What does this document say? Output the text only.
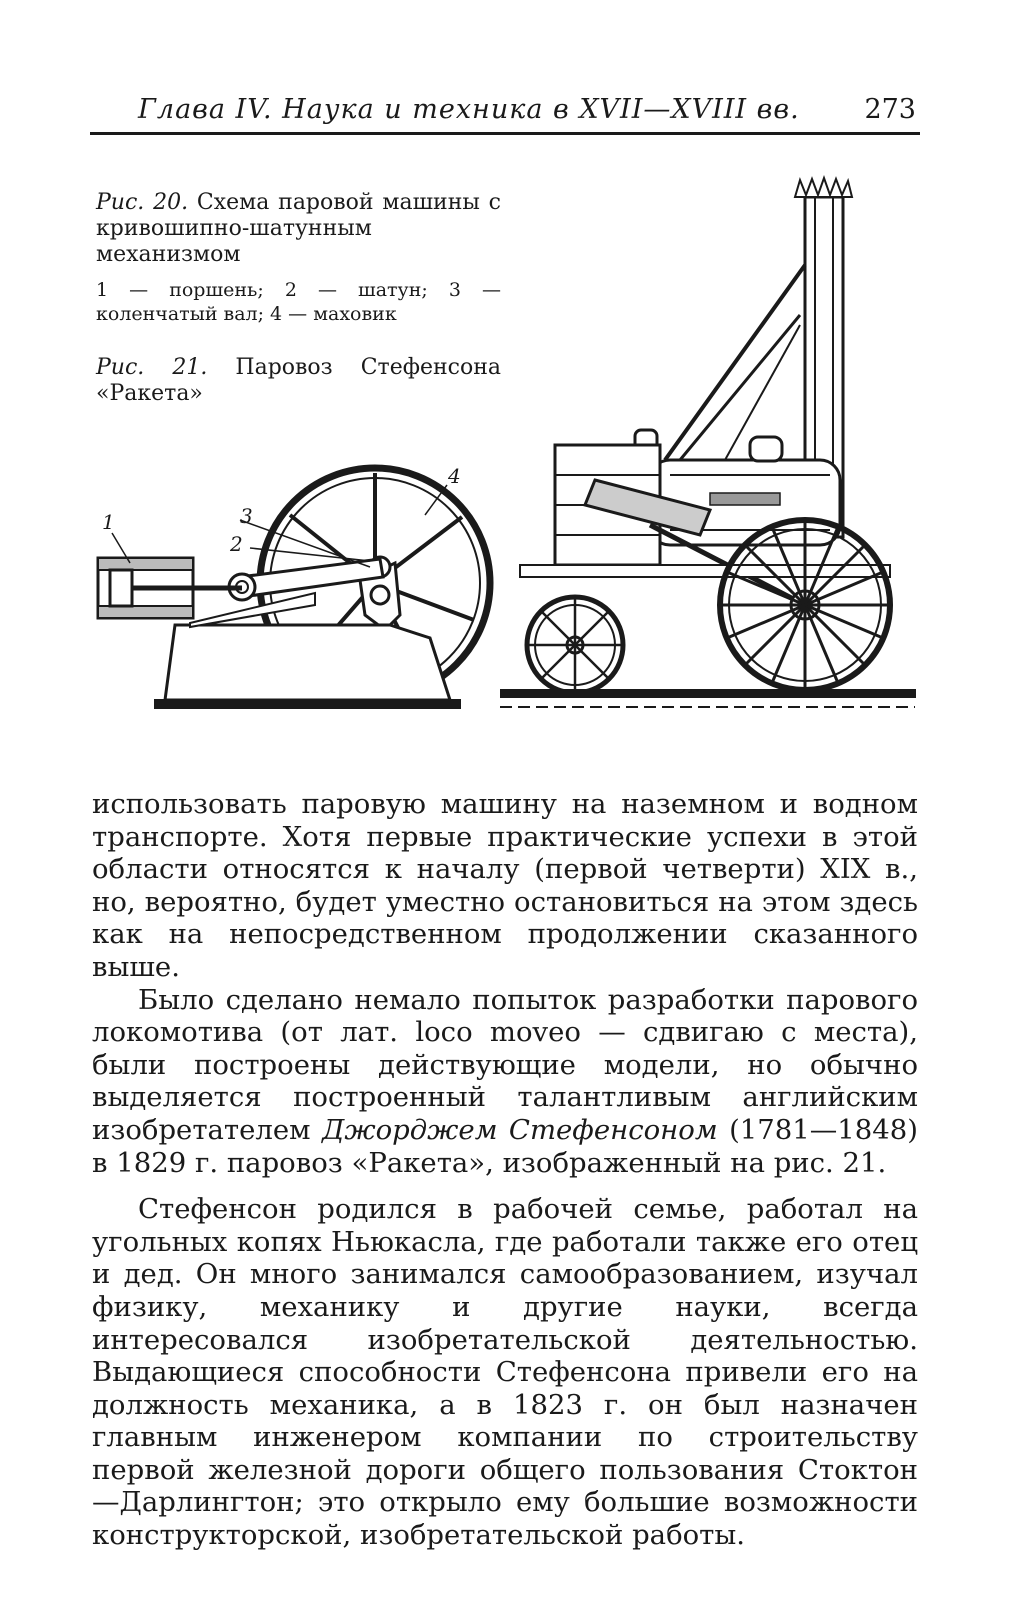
Глава IV. Наука и техника в XVII—XVIII вв. 273
Рис. 20. Схема паровой машины с кривошипно-шатунным механизмом
1 — поршень; 2 — шатун; 3 — коленчатый вал; 4 — маховик
Рис. 21. Паровоз Стефенсона «Ракета»
1
2
3
4

использовать паровую машину на наземном и водном транспорте. Хотя первые практические успехи в этой области относятся к началу (первой четверти) XIX в., но, вероятно, будет уместно остановиться на этом здесь как на непосредственном продолжении сказанного выше.

Было сделано немало попыток разработки парового локомотива (от лат. loco moveo — сдвигаю с места), были построены действующие модели, но обычно выделяется построенный талантливым английским изобретателем Джорджем Стефенсоном (1781—1848) в 1829 г. паровоз «Ракета», изображенный на рис. 21.

Стефенсон родился в рабочей семье, работал на угольных копях Ньюкасла, где работали также его отец и дед. Он много занимался самообразованием, изучал физику, механику и другие науки, всегда интересовался изобретательской деятельностью. Выдающиеся способности Стефенсона привели его на должность механика, а в 1823 г. он был назначен главным инженером компании по строительству первой железной дороги общего пользования Стоктон—Дарлингтон; это открыло ему большие возможности конструкторской, изобретательской работы.
